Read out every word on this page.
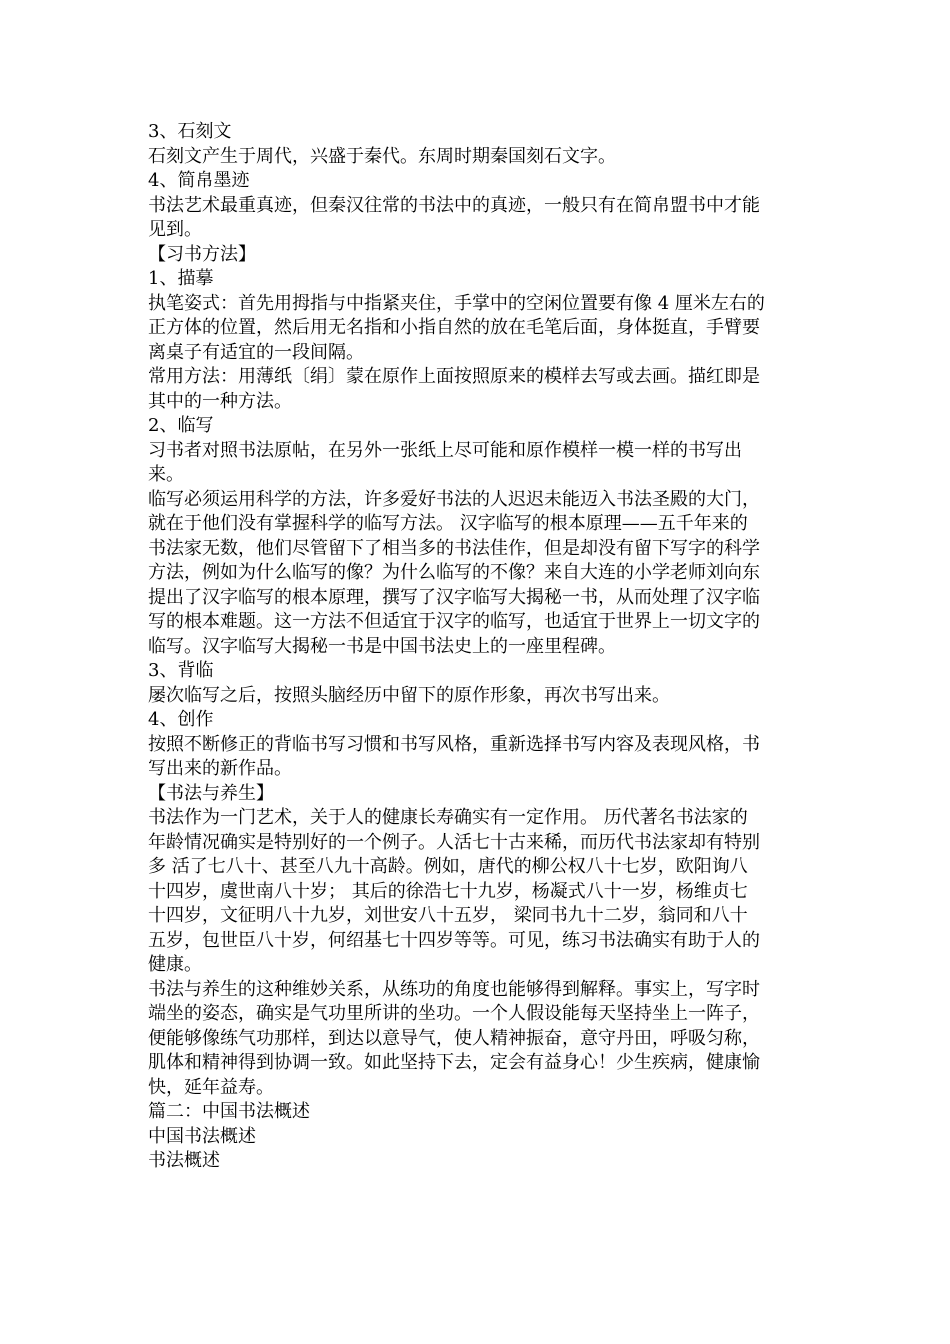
3、石刻文

石刻文产生于周代，兴盛于秦代。东周时期秦国刻石文字。

4、简帛墨迹

书法艺术最重真迹，但秦汉往常的书法中的真迹，一般只有在简帛盟书中才能

见到。

【习书方法】

1、描摹

执笔姿式：首先用拇指与中指紧夹住，手掌中的空闲位置要有像 4 厘米左右的

正方体的位置，然后用无名指和小指自然的放在毛笔后面，身体挺直，手臂要

离桌子有适宜的一段间隔。

常用方法：用薄纸〔绢〕蒙在原作上面按照原来的模样去写或去画。描红即是

其中的一种方法。

2、临写

习书者对照书法原帖，在另外一张纸上尽可能和原作模样一模一样的书写出

来。

临写必须运用科学的方法，许多爱好书法的人迟迟未能迈入书法圣殿的大门，

就在于他们没有掌握科学的临写方法。 汉字临写的根本原理——五千年来的

书法家无数，他们尽管留下了相当多的书法佳作，但是却没有留下写字的科学

方法，例如为什么临写的像？为什么临写的不像？来自大连的小学老师刘向东

提出了汉字临写的根本原理，撰写了汉字临写大揭秘一书，从而处理了汉字临

写的根本难题。这一方法不但适宜于汉字的临写，也适宜于世界上一切文字的

临写。汉字临写大揭秘一书是中国书法史上的一座里程碑。

3、背临

屡次临写之后，按照头脑经历中留下的原作形象，再次书写出来。

4、创作

按照不断修正的背临书写习惯和书写风格，重新选择书写内容及表现风格，书

写出来的新作品。

【书法与养生】

书法作为一门艺术，关于人的健康长寿确实有一定作用。 历代著名书法家的

年龄情况确实是特别好的一个例子。人活七十古来稀，而历代书法家却有特别

多 活了七八十、甚至八九十高龄。例如，唐代的柳公权八十七岁，欧阳询八

十四岁，虞世南八十岁； 其后的徐浩七十九岁，杨凝式八十一岁，杨维贞七

十四岁，文征明八十九岁，刘世安八十五岁， 梁同书九十二岁，翁同和八十

五岁，包世臣八十岁，何绍基七十四岁等等。可见，练习书法确实有助于人的

健康。

书法与养生的这种维妙关系，从练功的角度也能够得到解释。事实上，写字时

端坐的姿态，确实是气功里所讲的坐功。一个人假设能每天坚持坐上一阵子，

便能够像练气功那样，到达以意导气，使人精神振奋，意守丹田，呼吸匀称，

肌体和精神得到协调一致。如此坚持下去，定会有益身心！少生疾病，健康愉

快，延年益寿。

篇二：中国书法概述

中国书法概述

书法概述
